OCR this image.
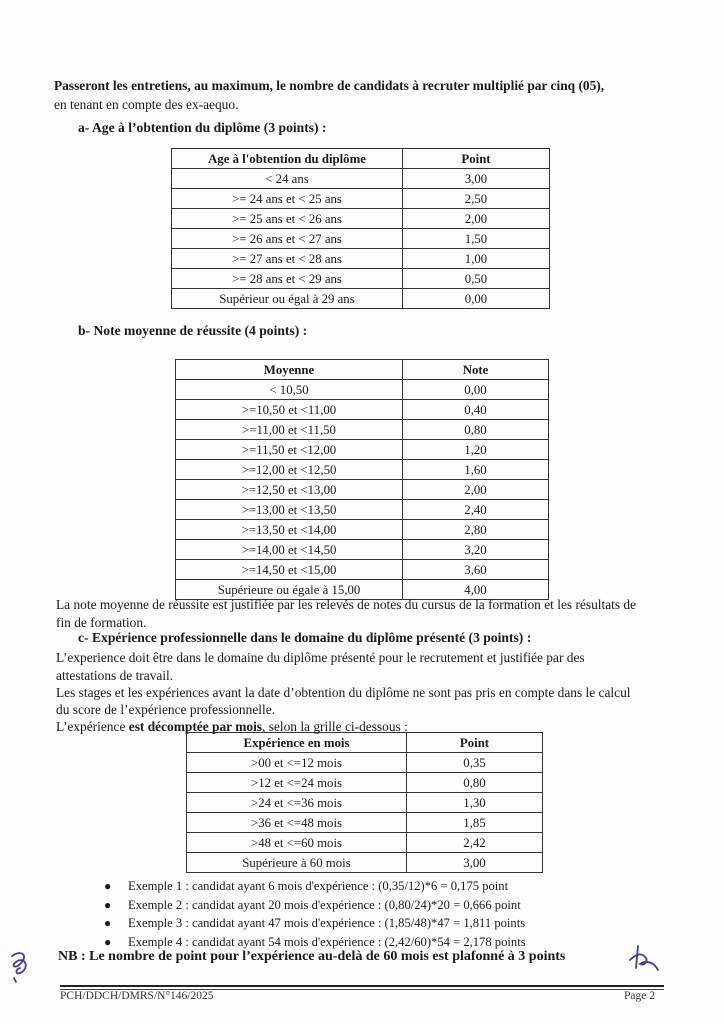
Passeront les entretiens, au maximum, le nombre de candidats à recruter multiplié par cinq (05),
en tenant en compte des ex-aequo.
a- Age à l’obtention du diplôme (3 points) :
Age à l'obtention du diplôme	Point
< 24 ans	3,00
>= 24 ans et < 25 ans	2,50
>= 25 ans et < 26 ans	2,00
>= 26 ans et < 27 ans	1,50
>= 27 ans et < 28 ans	1,00
>= 28 ans et < 29 ans	0,50
Supérieur ou égal à 29 ans	0,00
b- Note moyenne de réussite (4 points) :
Moyenne	Note
< 10,50	0,00
>=10,50 et <11,00	0,40
>=11,00 et <11,50	0,80
>=11,50 et <12,00	1,20
>=12,00 et <12,50	1,60
>=12,50 et <13,00	2,00
>=13,00 et <13,50	2,40
>=13,50 et <14,00	2,80
>=14,00 et <14,50	3,20
>=14,50 et <15,00	3,60
Supérieure ou égale à 15,00	4,00
La note moyenne de réussite est justifiée par les relevés de notes du cursus de la formation et les résultats de
fin de formation.
c- Expérience professionnelle dans le domaine du diplôme présenté (3 points) :
L’experience doit être dans le domaine du diplôme présenté pour le recrutement et justifiée par des
attestations de travail.
Les stages et les expériences avant la date d’obtention du diplôme ne sont pas pris en compte dans le calcul
du score de l’expérience professionnelle.
L’expérience est décomptée par mois, selon la grille ci-dessous :
Expérience en mois	Point
>00 et <=12 mois	0,35
>12 et <=24 mois	0,80
>24 et <=36 mois	1,30
>36 et <=48 mois	1,85
>48 et <=60 mois	2,42
Supérieure à 60 mois	3,00
● Exemple 1 : candidat ayant 6 mois d'expérience : (0,35/12)*6 = 0,175 point
● Exemple 2 : candidat ayant 20 mois d'expérience : (0,80/24)*20 = 0,666 point
● Exemple 3 : candidat ayant 47 mois d'expérience : (1,85/48)*47 = 1,811 points
● Exemple 4 : candidat ayant 54 mois d'expérience : (2,42/60)*54 = 2,178 points
NB : Le nombre de point pour l’expérience au-delà de 60 mois est plafonné à 3 points
PCH/DDCH/DMRS/N°146/2025	Page 2
